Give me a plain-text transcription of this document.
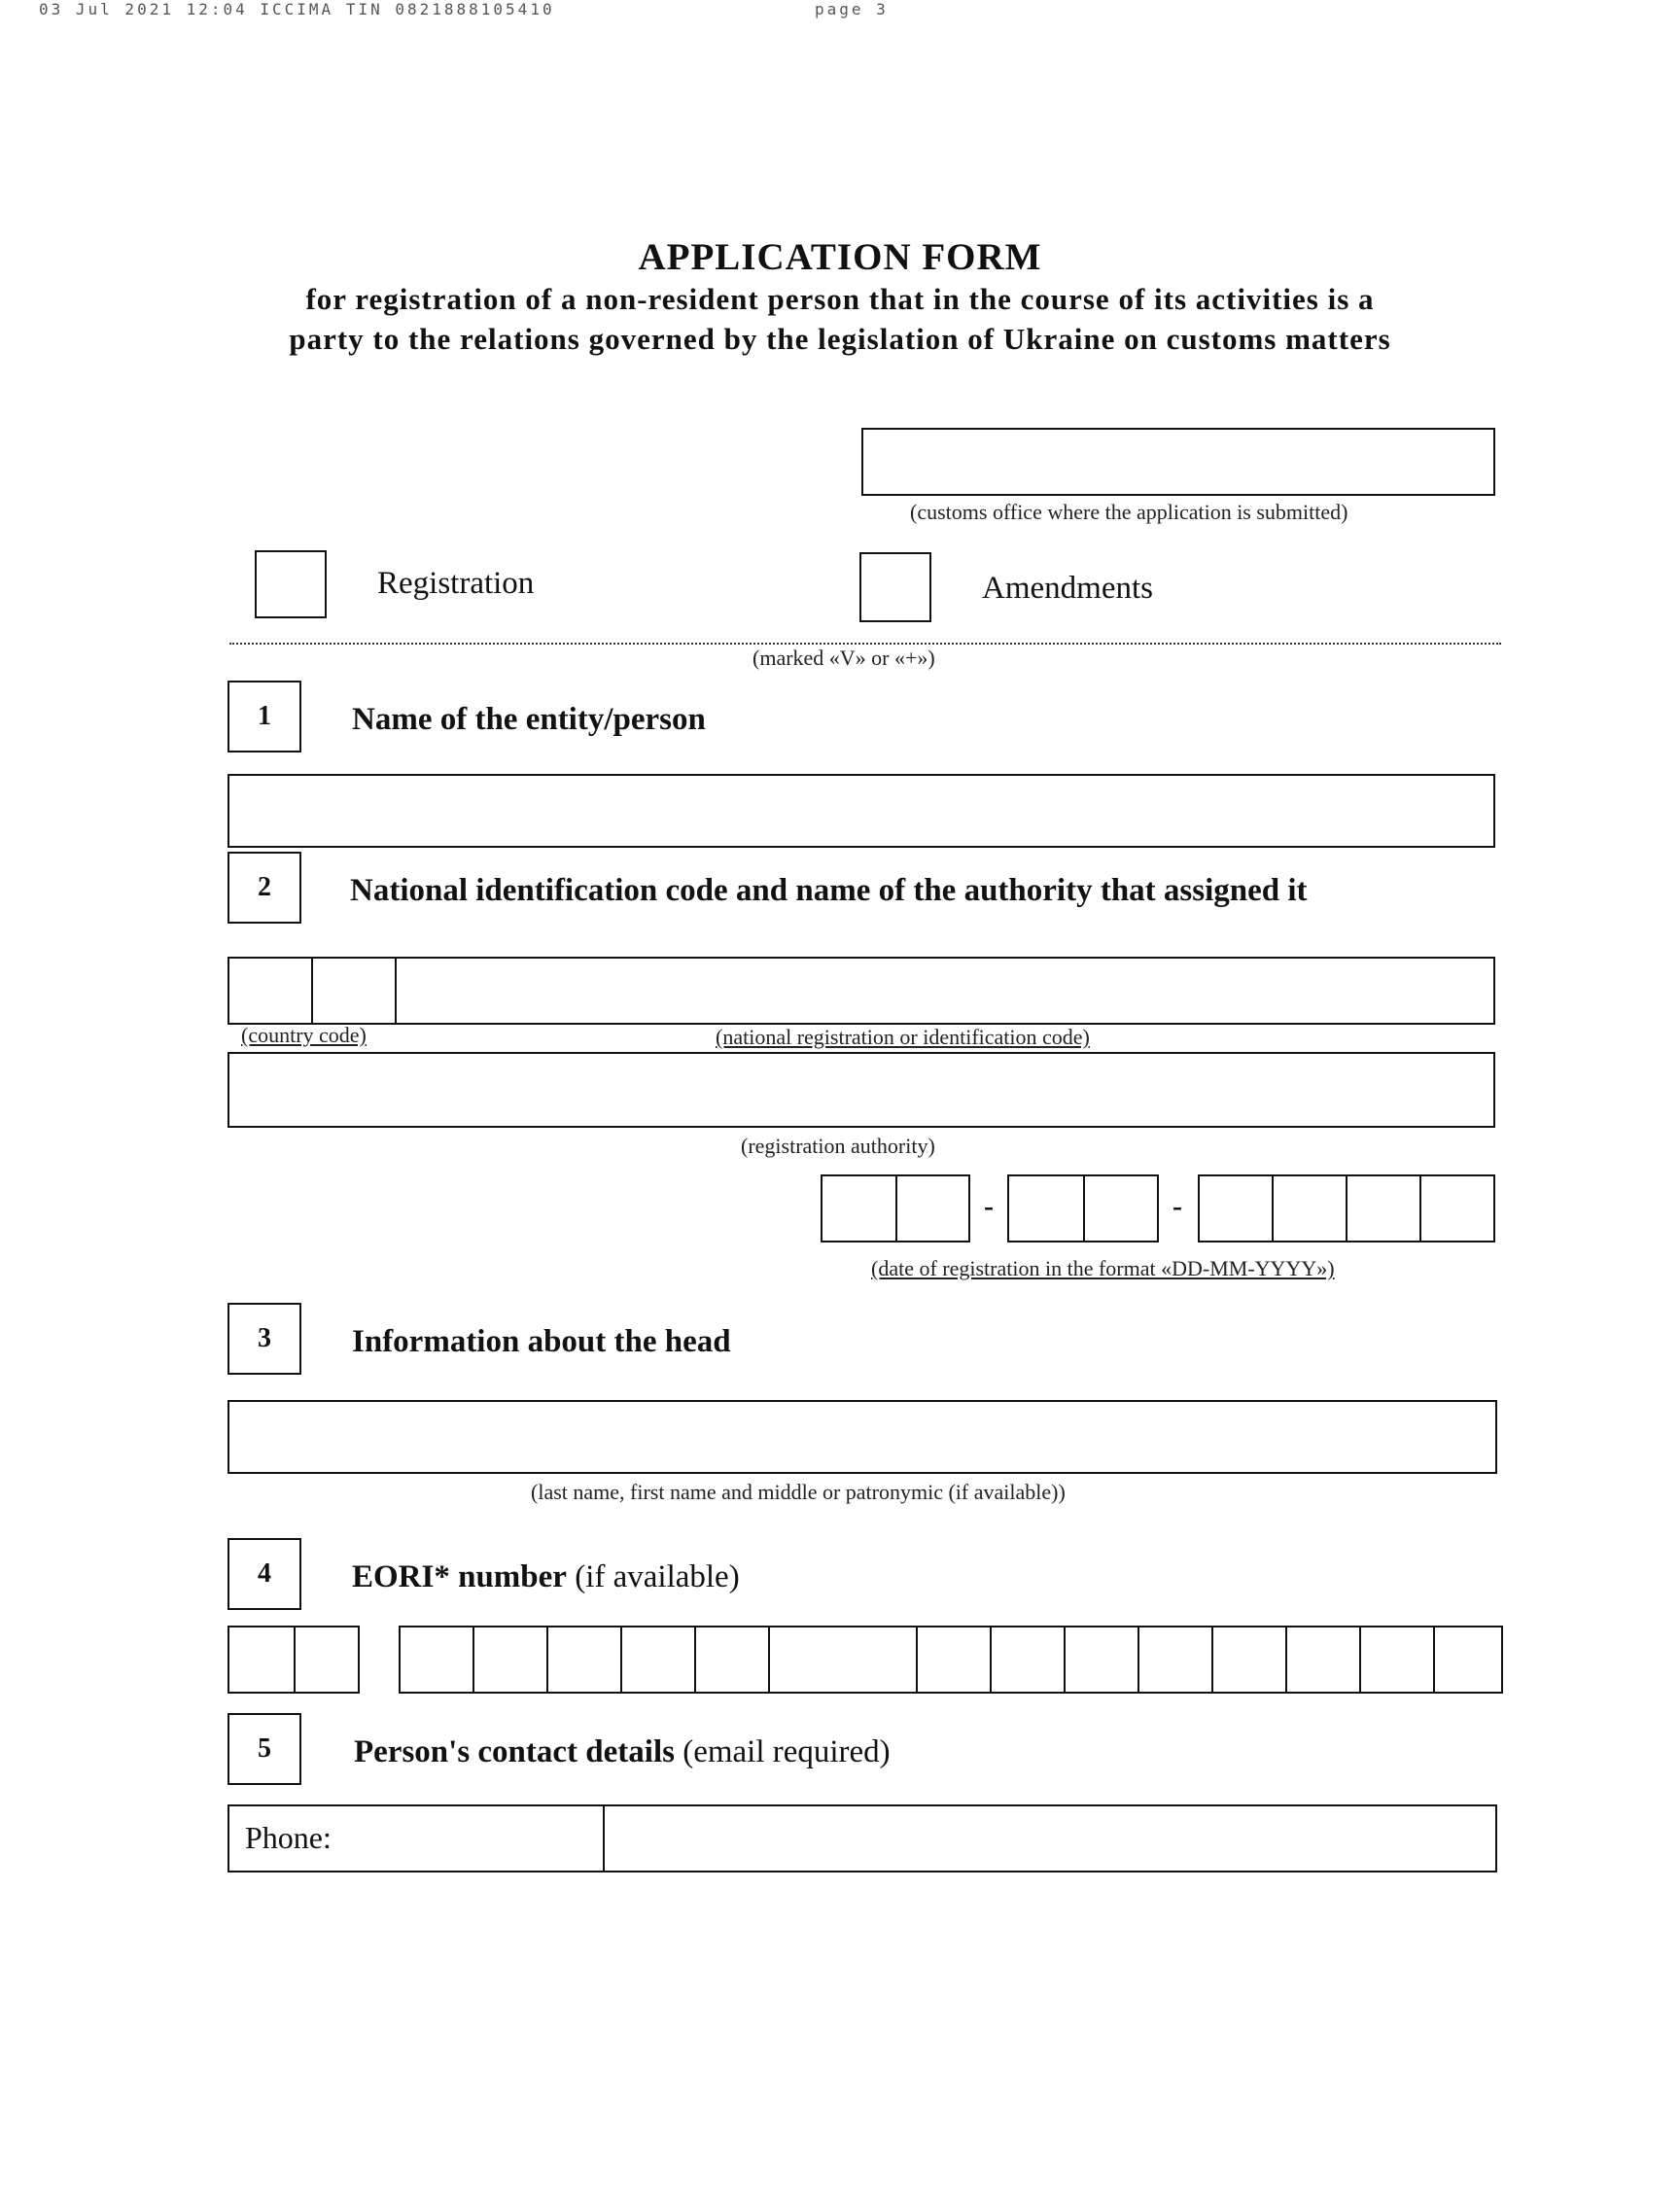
03 Jul 2021 12:04 ICCIMA TIN 0821888105410	page 3
APPLICATION FORM
for registration of a non-resident person that in the course of its activities is a
party to the relations governed by the legislation of Ukraine on customs matters
(customs office where the application is submitted)
Registration	Amendments
(marked «V» or «+»)
1	Name of the entity/person
2	National identification code and name of the authority that assigned it
(country code)	(national registration or identification code)
(registration authority)
-	-
(date of registration in the format «DD-MM-YYYY»)
3	Information about the head
(last name, first name and middle or patronymic (if available))
4	EORI* number (if available)
5	Person's contact details (email required)
Phone:
